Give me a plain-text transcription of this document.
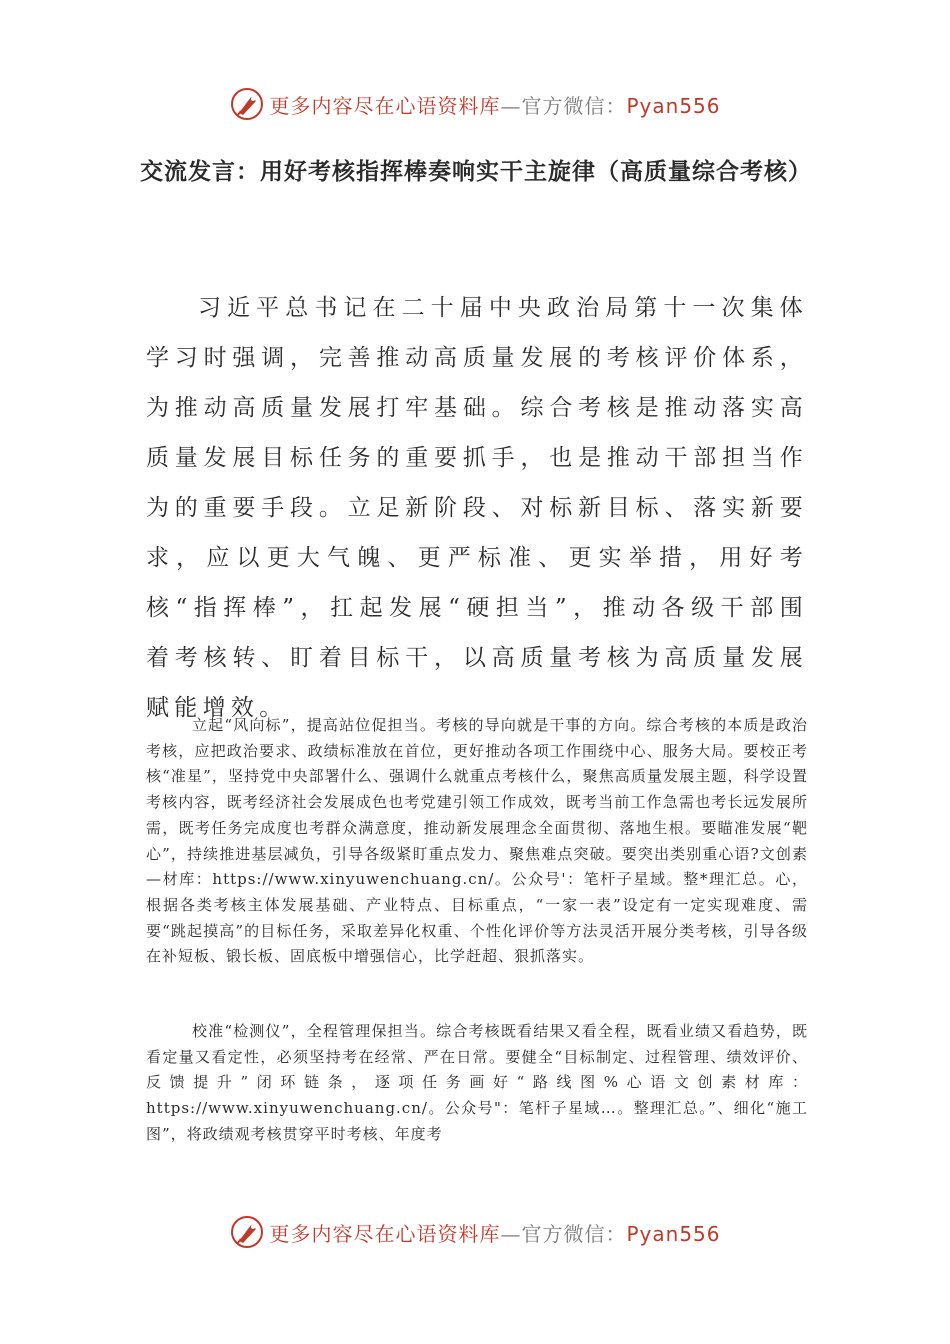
更多内容尽在心语资料库—官方微信：Pyan556
交流发言：用好考核指挥棒奏响实干主旋律（高质量综合考核）

习近平总书记在二十届中央政治局第十一次集体学习时强调，完善推动高质量发展的考核评价体系，为推动高质量发展打牢基础。综合考核是推动落实高质量发展目标任务的重要抓手，也是推动干部担当作为的重要手段。立足新阶段、对标新目标、落实新要求，应以更大气魄、更严标准、更实举措，用好考核“指挥棒”，扛起发展“硬担当”，推动各级干部围着考核转、盯着目标干，以高质量考核为高质量发展赋能增效。

立起“风向标”，提高站位促担当。考核的导向就是干事的方向。综合考核的本质是政治考核，应把政治要求、政绩标准放在首位，更好推动各项工作围绕中心、服务大局。要校正考核“准星”，坚持党中央部署什么、强调什么就重点考核什么，聚焦高质量发展主题，科学设置考核内容，既考经济社会发展成色也考党建引领工作成效，既考当前工作急需也考长远发展所需，既考任务完成度也考群众满意度，推动新发展理念全面贯彻、落地生根。要瞄准发展“靶心”，持续推进基层减负，引导各级紧盯重点发力、聚焦难点突破。要突出类别重心语?文创素—材库：https://www.xinyuwenchuang.cn/。公众号'：笔杆子星域。整*理汇总。心，根据各类考核主体发展基础、产业特点、目标重点，“一家一表”设定有一定实现难度、需要“跳起摸高”的目标任务，采取差异化权重、个性化评价等方法灵活开展分类考核，引导各级在补短板、锻长板、固底板中增强信心，比学赶超、狠抓落实。

校准“检测仪”，全程管理保担当。综合考核既看结果又看全程，既看业绩又看趋势，既看定量又看定性，必须坚持考在经常、严在日常。要健全“目标制定、过程管理、绩效评价、反馈提升”闭环链条，逐项任务画好“路线图%心语文创素材库：https://www.xinyuwenchuang.cn/。公众号"：笔杆子星域…。整理汇总。”、细化“施工图”，将政绩观考核贯穿平时考核、年度考

更多内容尽在心语资料库—官方微信：Pyan556
